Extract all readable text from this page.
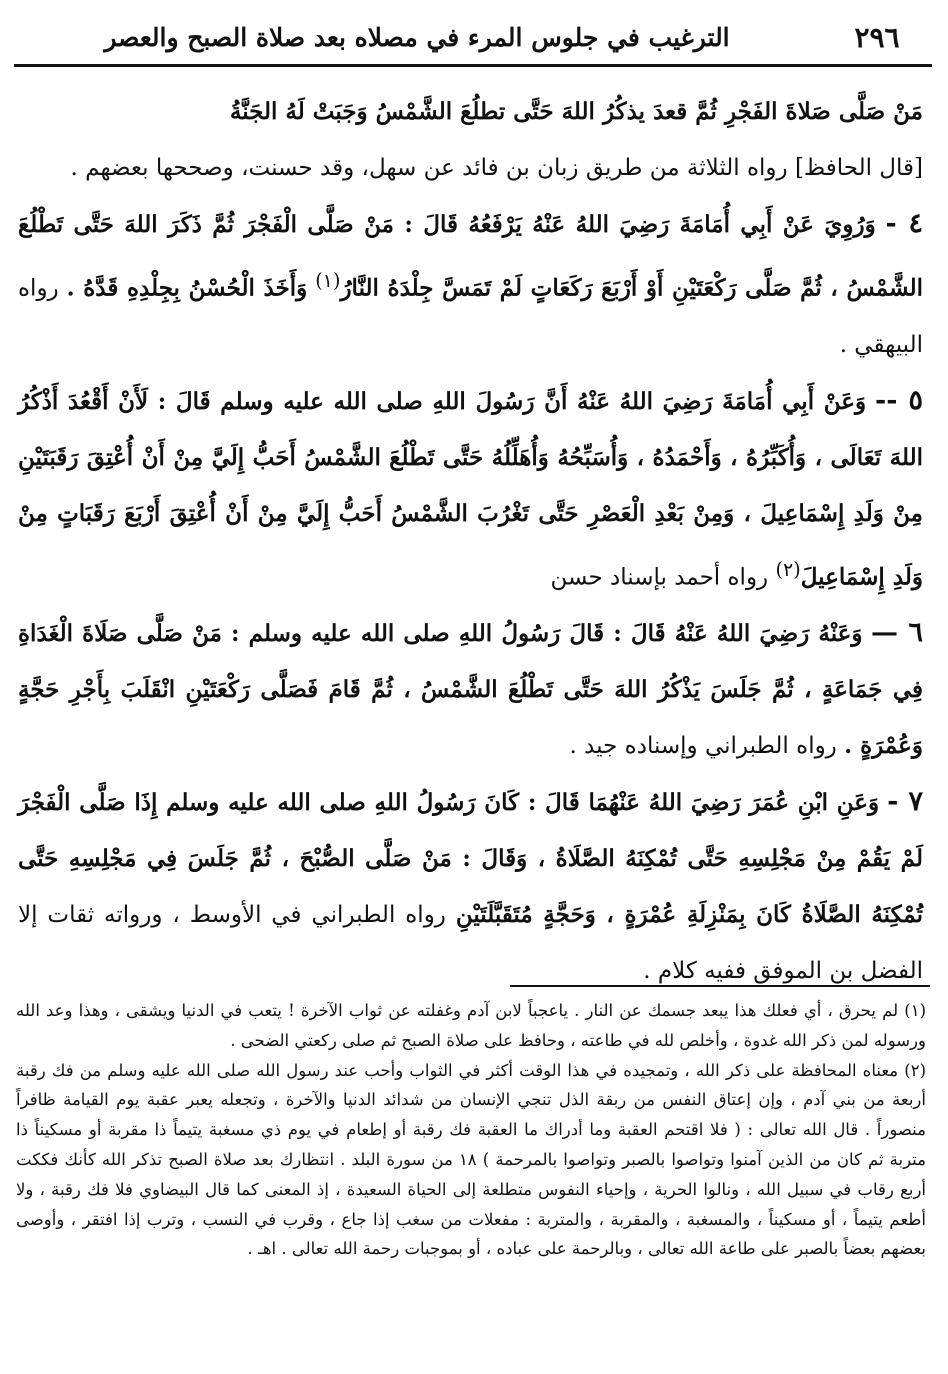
٢٩٦
الترغيب في جلوس المرء في مصلاه بعد صلاة الصبح والعصر

مَنْ صَلَّى صَلاةَ الفَجْرِ ثُمَّ قعدَ يذكُرُ اللهَ حَتَّى تطلُعَ الشَّمْسُ وَجَبَتْ لَهُ الجَنَّةُ

[قال الحافظ] رواه الثلاثة من طريق زبان بن فائد عن سهل، وقد حسنت، وصححها بعضهم .

٤ - وَرُوِيَ عَنْ أَبِي أُمَامَةَ رَضِيَ اللهُ عَنْهُ يَرْفَعُهُ قَالَ : مَنْ صَلَّى الْفَجْرَ ثُمَّ ذَكَرَ اللهَ حَتَّى تَطْلُعَ الشَّمْسُ ، ثُمَّ صَلَّى رَكْعَتَيْنِ أَوْ أَرْبَعَ رَكَعَاتٍ لَمْ تَمَسَّ جِلْدَهُ النَّارُ$^{(١)}$ وَأَخَذَ الْحُسْنُ بِجِلْدِهِ قَدَّهُ . رواه البيهقي .

٥ -- وَعَنْ أَبِي أُمَامَةَ رَضِيَ اللهُ عَنْهُ أَنَّ رَسُولَ اللهِ صلى الله عليه وسلم قَالَ : لَأَنْ أَقْعُدَ أَذْكُرُ اللهَ تَعَالَى ، وَأُكَبِّرُهُ ، وَأَحْمَدُهُ ، وَأُسَبِّحُهُ وَأُهَلِّلُهُ حَتَّى تَطْلُعَ الشَّمْسُ أَحَبُّ إِلَيَّ مِنْ أَنْ أُعْتِقَ رَقَبَتَيْنِ مِنْ وَلَدِ إِسْمَاعِيلَ ، وَمِنْ بَعْدِ الْعَصْرِ حَتَّى تَغْرُبَ الشَّمْسُ أَحَبُّ إِلَيَّ مِنْ أَنْ أُعْتِقَ أَرْبَعَ رَقَبَاتٍ مِنْ وَلَدِ إِسْمَاعِيلَ$^{(٢)}$ رواه أحمد بإسناد حسن

٦ — وَعَنْهُ رَضِيَ اللهُ عَنْهُ قَالَ : قَالَ رَسُولُ اللهِ صلى الله عليه وسلم : مَنْ صَلَّى صَلَاةَ الْغَدَاةِ فِي جَمَاعَةٍ ، ثُمَّ جَلَسَ يَذْكُرُ اللهَ حَتَّى تَطْلُعَ الشَّمْسُ ، ثُمَّ قَامَ فَصَلَّى رَكْعَتَيْنِ انْقَلَبَ بِأَجْرِ حَجَّةٍ وَعُمْرَةٍ . رواه الطبراني وإسناده جيد .

٧ - وَعَنِ ابْنِ عُمَرَ رَضِيَ اللهُ عَنْهُمَا قَالَ : كَانَ رَسُولُ اللهِ صلى الله عليه وسلم إِذَا صَلَّى الْفَجْرَ لَمْ يَقُمْ مِنْ مَجْلِسِهِ حَتَّى تُمْكِنَهُ الصَّلَاةُ ، وَقَالَ : مَنْ صَلَّى الصُّبْحَ ، ثُمَّ جَلَسَ فِي مَجْلِسِهِ حَتَّى تُمْكِنَهُ الصَّلَاةُ كَانَ بِمَنْزِلَةِ عُمْرَةٍ ، وَحَجَّةٍ مُتَقَبَّلَتَيْنِ رواه الطبراني في الأوسط ، ورواته ثقات إلا الفضل بن الموفق ففيه كلام .

(١) لم يحرق ، أي فعلك هذا يبعد جسمك عن النار . ياعجباً لابن آدم وغفلته عن ثواب الآخرة ! يتعب في الدنيا ويشقى ، وهذا وعد الله ورسوله لمن ذكر الله غدوة ، وأخلص لله في طاعته ، وحافظ على صلاة الصبح ثم صلى ركعتي الضحى .

(٢) معناه المحافظة على ذكر الله ، وتمجيده في هذا الوقت أكثر في الثواب وأحب عند رسول الله صلى الله عليه وسلم من فك رقبة أربعة من بني آدم ، وإن إعتاق النفس من ربقة الذل تنجي الإنسان من شدائد الدنيا والآخرة ، وتجعله يعبر عقبة يوم القيامة ظافراً منصوراً . قال الله تعالى : ( فلا اقتحم العقبة وما أدراك ما العقبة فك رقبة أو إطعام في يوم ذي مسغبة يتيماً ذا مقربة أو مسكيناً ذا متربة ثم كان من الذين آمنوا وتواصوا بالصبر وتواصوا بالمرحمة ) ١٨ من سورة البلد . انتظارك بعد صلاة الصبح تذكر الله كأنك فككت أربع رقاب في سبيل الله ، ونالوا الحرية ، وإحياء النفوس متطلعة إلى الحياة السعيدة ، إذ المعنى كما قال البيضاوي فلا فك رقبة ، ولا أطعم يتيماً ، أو مسكيناً ، والمسغبة ، والمقربة ، والمتربة : مفعلات من سغب إذا جاع ، وقرب في النسب ، وترب إذا افتقر ، وأوصى بعضهم بعضاً بالصبر على طاعة الله تعالى ، وبالرحمة على عباده ، أو بموجبات رحمة الله تعالى . اهـ .
